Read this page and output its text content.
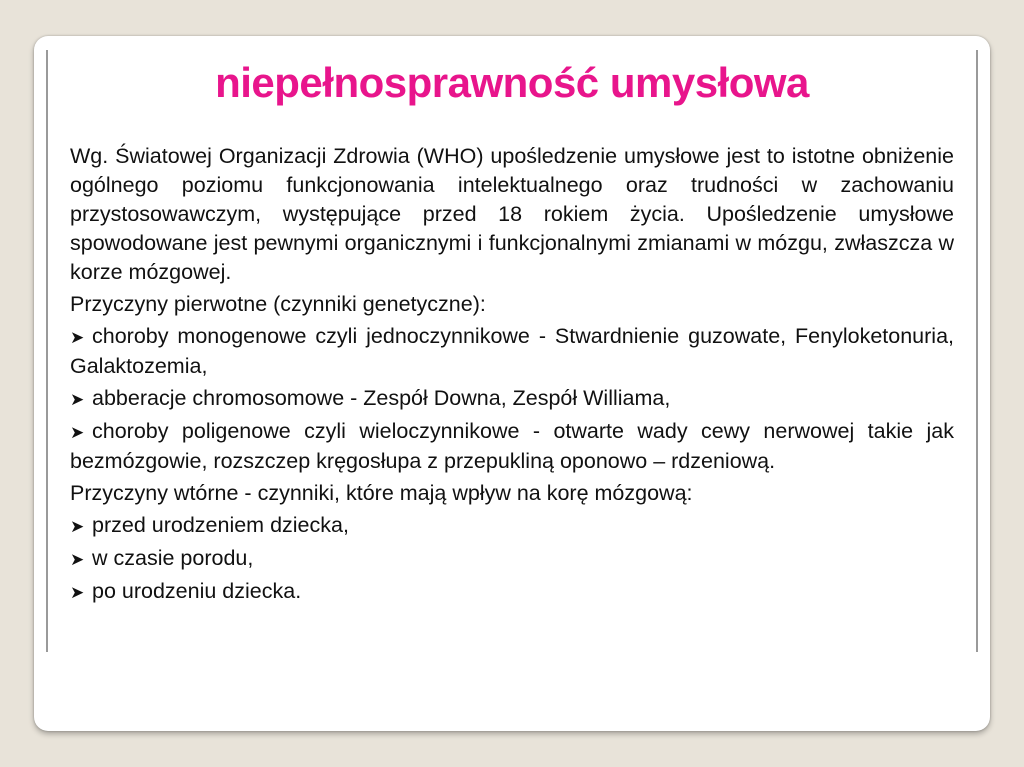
niepełnosprawność umysłowa

Wg. Światowej Organizacji Zdrowia (WHO) upośledzenie umysłowe jest to istotne obniżenie ogólnego poziomu funkcjonowania intelektualnego oraz trudności w zachowaniu przystosowawczym, występujące przed 18 rokiem życia. Upośledzenie umysłowe spowodowane jest pewnymi organicznymi i funkcjonalnymi zmianami w mózgu, zwłaszcza w korze mózgowej.

Przyczyny pierwotne (czynniki genetyczne):

➤ choroby monogenowe czyli jednoczynnikowe - Stwardnienie guzowate, Fenyloketonuria, Galaktozemia,

➤ abberacje chromosomowe - Zespół Downa, Zespół Williama,

➤ choroby poligenowe czyli wieloczynnikowe - otwarte wady cewy nerwowej takie jak bezmózgowie, rozszczep kręgosłupa z przepukliną oponowo – rdzeniową.

Przyczyny wtórne - czynniki, które mają wpływ na korę mózgową:

➤ przed urodzeniem dziecka,

➤ w czasie porodu,

➤ po urodzeniu dziecka.
